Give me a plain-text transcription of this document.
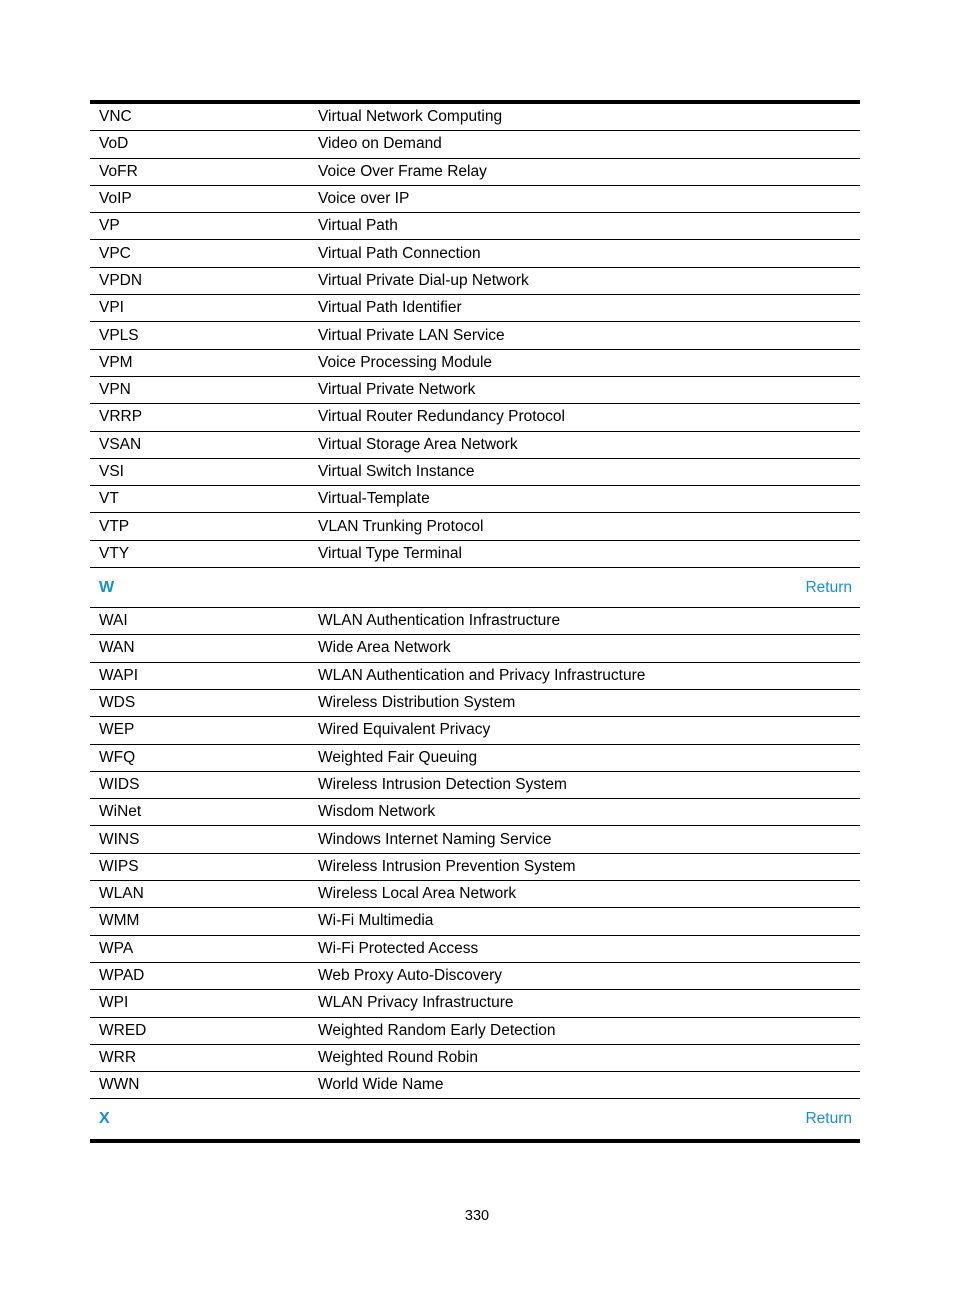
VNC	Virtual Network Computing
VoD	Video on Demand
VoFR	Voice Over Frame Relay
VoIP	Voice over IP
VP	Virtual Path
VPC	Virtual Path Connection
VPDN	Virtual Private Dial-up Network
VPI	Virtual Path Identifier
VPLS	Virtual Private LAN Service
VPM	Voice Processing Module
VPN	Virtual Private Network
VRRP	Virtual Router Redundancy Protocol
VSAN	Virtual Storage Area Network
VSI	Virtual Switch Instance
VT	Virtual-Template
VTP	VLAN Trunking Protocol
VTY	Virtual Type Terminal
W	Return
WAI	WLAN Authentication Infrastructure
WAN	Wide Area Network
WAPI	WLAN Authentication and Privacy Infrastructure
WDS	Wireless Distribution System
WEP	Wired Equivalent Privacy
WFQ	Weighted Fair Queuing
WIDS	Wireless Intrusion Detection System
WiNet	Wisdom Network
WINS	Windows Internet Naming Service
WIPS	Wireless Intrusion Prevention System
WLAN	Wireless Local Area Network
WMM	Wi-Fi Multimedia
WPA	Wi-Fi Protected Access
WPAD	Web Proxy Auto-Discovery
WPI	WLAN Privacy Infrastructure
WRED	Weighted Random Early Detection
WRR	Weighted Round Robin
WWN	World Wide Name
X	Return
330
